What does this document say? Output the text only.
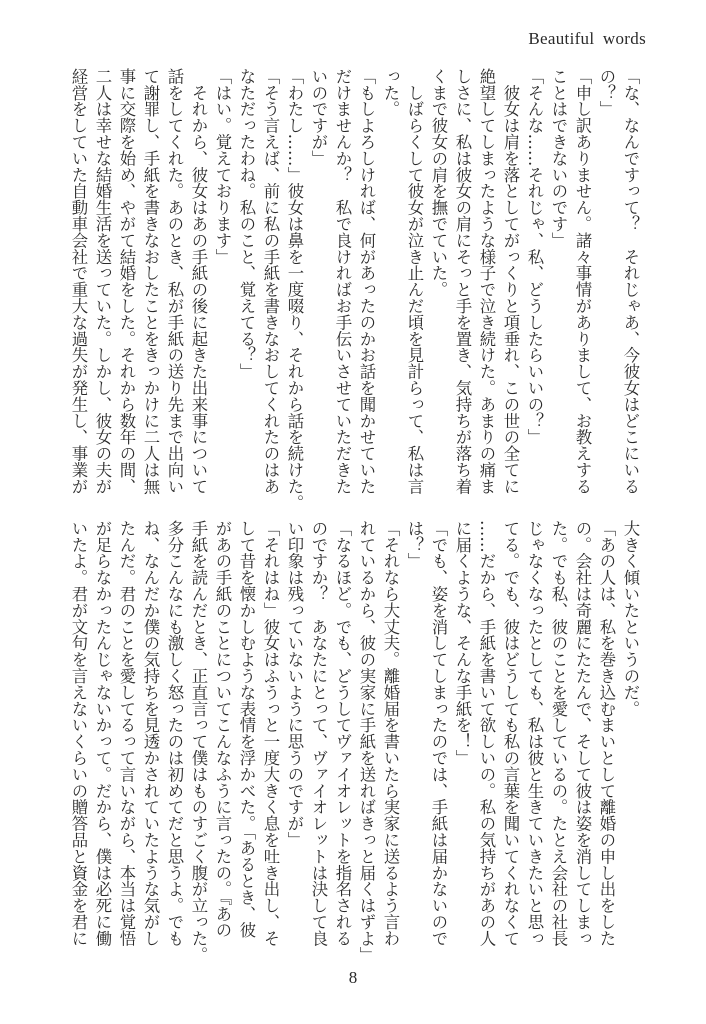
Beautiful words
「な、なんですって？　それじゃあ、今彼女はどこにいる
の？」
「申し訳ありません。諸々事情がありまして、お教えする
ことはできないのです」
「そんな……それじゃ、私、どうしたらいいの？」
　彼女は肩を落としてがっくりと項垂れ、この世の全てに
絶望してしまったような様子で泣き続けた。あまりの痛ま
しさに、私は彼女の肩にそっと手を置き、気持ちが落ち着
くまで彼女の肩を撫でていた。
　しばらくして彼女が泣き止んだ頃を見計らって、私は言
った。
「もしよろしければ、何があったのかお話を聞かせていた
だけませんか？　私で良ければお手伝いさせていただきた
いのですが」
「わたし……」彼女は鼻を一度啜り、それから話を続けた。
「そう言えば、前に私の手紙を書きなおしてくれたのはあ
なただったわね。私のこと、覚えてる？」
「はい。覚えております」
　それから、彼女はあの手紙の後に起きた出来事について
話をしてくれた。あのとき、私が手紙の送り先まで出向い
て謝罪し、手紙を書きなおしたことをきっかけに二人は無
事に交際を始め、やがて結婚をした。それから数年の間、
二人は幸せな結婚生活を送っていた。しかし、彼女の夫が
経営をしていた自動車会社で重大な過失が発生し、事業が
大きく傾いたというのだ。
「あの人は、私を巻き込むまいとして離婚の申し出をした
の。会社は奇麗にたたんで、そして彼は姿を消してしまっ
た。でも私、彼のことを愛しているの。たとえ会社の社長
じゃなくなったとしても、私は彼と生きていきたいと思っ
てる。でも、彼はどうしても私の言葉を聞いてくれなくて
……だから、手紙を書いて欲しいの。私の気持ちがあの人
に届くような、そんな手紙を！」
「でも、姿を消してしまったのでは、手紙は届かないので
は？」
「それなら大丈夫。離婚届を書いたら実家に送るよう言わ
れているから、彼の実家に手紙を送ればきっと届くはずよ」
「なるほど。でも、どうしてヴァイオレットを指名される
のですか？　あなたにとって、ヴァイオレットは決して良
い印象は残っていないように思うのですが」
「それはね」彼女はふうっと一度大きく息を吐き出し、そ
して昔を懐かしむような表情を浮かべた。「あるとき、彼
があの手紙のことについてこんなふうに言ったの。『あの
手紙を読んだとき、正直言って僕はものすごく腹が立った。
多分こんなにも激しく怒ったのは初めてだと思うよ。でも
ね、なんだか僕の気持ちを見透かされていたような気がし
たんだ。君のことを愛してるって言いながら、本当は覚悟
が足らなかったんじゃないかって。だから、僕は必死に働
いたよ。君が文句を言えないくらいの贈答品と資金を君に
8
